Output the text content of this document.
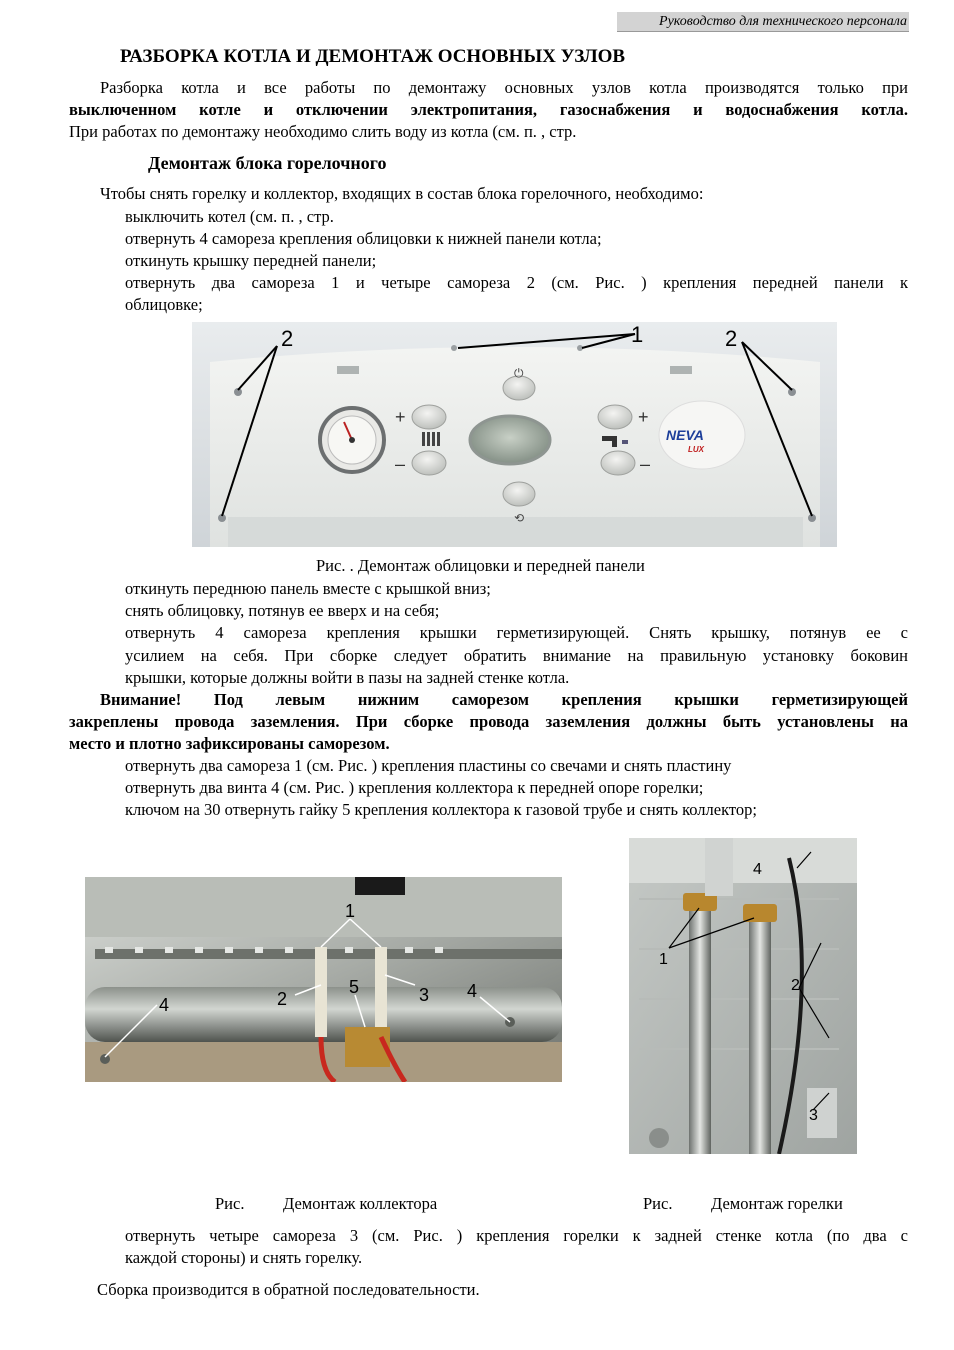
Руководство для технического персонала
РАЗБОРКА КОТЛА И ДЕМОНТАЖ ОСНОВНЫХ УЗЛОВ
Разборка котла и все работы по демонтажу основных узлов котла производятся только при
выключенном котле и отключении электропитания, газоснабжения и водоснабжения котла.
При работах по демонтажу необходимо слить воду из котла (см. п. , стр.
Демонтаж блока горелочного
Чтобы снять горелку и коллектор, входящих в состав блока горелочного, необходимо:
выключить котел (см. п. , стр.
отвернуть 4 самореза крепления облицовки к нижней панели котла;
откинуть крышку передней панели;
отвернуть два самореза 1 и четыре самореза 2 (см. Рис. ) крепления передней панели к
облицовке;
+
–
⏻
⟲
+
–
NEVA
LUX
1
2	2
Рис. . Демонтаж облицовки и передней панели
откинуть переднюю панель вместе с крышкой вниз;
снять облицовку, потянув ее вверх и на себя;
отвернуть 4 самореза крепления крышки герметизирующей. Снять крышку, потянув ее с
усилием на себя. При сборке следует обратить внимание на правильную установку боковин
крышки, которые должны войти в пазы на задней стенке котла.
Внимание! Под левым нижним саморезом крепления крышки герметизирующей
закреплены провода заземления. При сборке провода заземления должны быть установлены на
место и плотно зафиксированы саморезом.
отвернуть два самореза 1 (см. Рис. ) крепления пластины со свечами и снять пластину
отвернуть два винта 4 (см. Рис. ) крепления коллектора к передней опоре горелки;
ключом на 30 отвернуть гайку 5 крепления коллектора к газовой трубе и снять коллектор;
1
2
5	3
4
4
4
1
2
3
Рис. Демонтаж коллектора	Рис. Демонтаж горелки
отвернуть четыре самореза 3 (см. Рис. ) крепления горелки к задней стенке котла (по два с
каждой стороны) и снять горелку.
Сборка производится в обратной последовательности.
